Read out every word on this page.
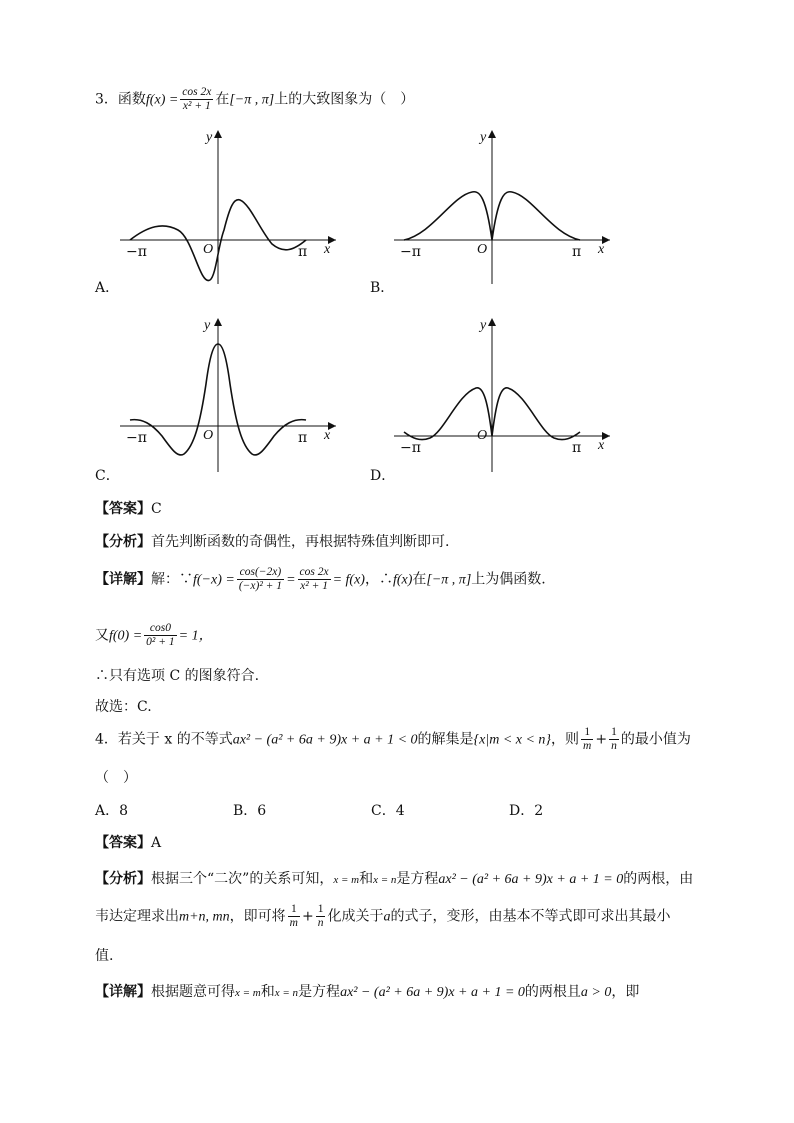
3．函数$f(x) = \frac{\cos 2x}{\text{x² + 1}}$ 在[−π , π]上的大致图象为（　）
y
O
−π	π x
A．
y
O
−π	π x
B．
y
O
−π	π x
C．
y
O
−π	π x
D．
【答案】C
【分析】首先判断函数的奇偶性，再根据特殊值判断即可.
【详解】解：∵f(−x) = $\frac{\cos(-2x)}{\text{(−x)² + 1}} = \frac{\cos 2x}{\text{x² + 1}} = f(x)$，∴f(x)在[−π , π]上为偶函数.
又$f(0) = \frac{\cos 0}{\text{0² + 1}} = 1$，
∴只有选项 C 的图象符合.
故选：C.
4．若关于 x 的不等式ax² − (a² + 6a + 9)x + a + 1 < 0的解集是{x|m < x < n}，则 $\frac{1}{m} + \frac{1}{n}$ 的最小值为
（　）
A．8	B．6	C．4	D．2
【答案】A
【分析】根据三个“二次”的关系可知，x = m和x = n是方程ax² − (a² + 6a + 9)x + a + 1 = 0的两根，由
韦达定理求出m+n, mn，即可将 $\frac{1}{m} + \frac{1}{n}$ 化成关于a的式子，变形，由基本不等式即可求出其最小
值.
【详解】根据题意可得x = m和x = n是方程ax² − (a² + 6a + 9)x + a + 1 = 0的两根且a > 0，即
